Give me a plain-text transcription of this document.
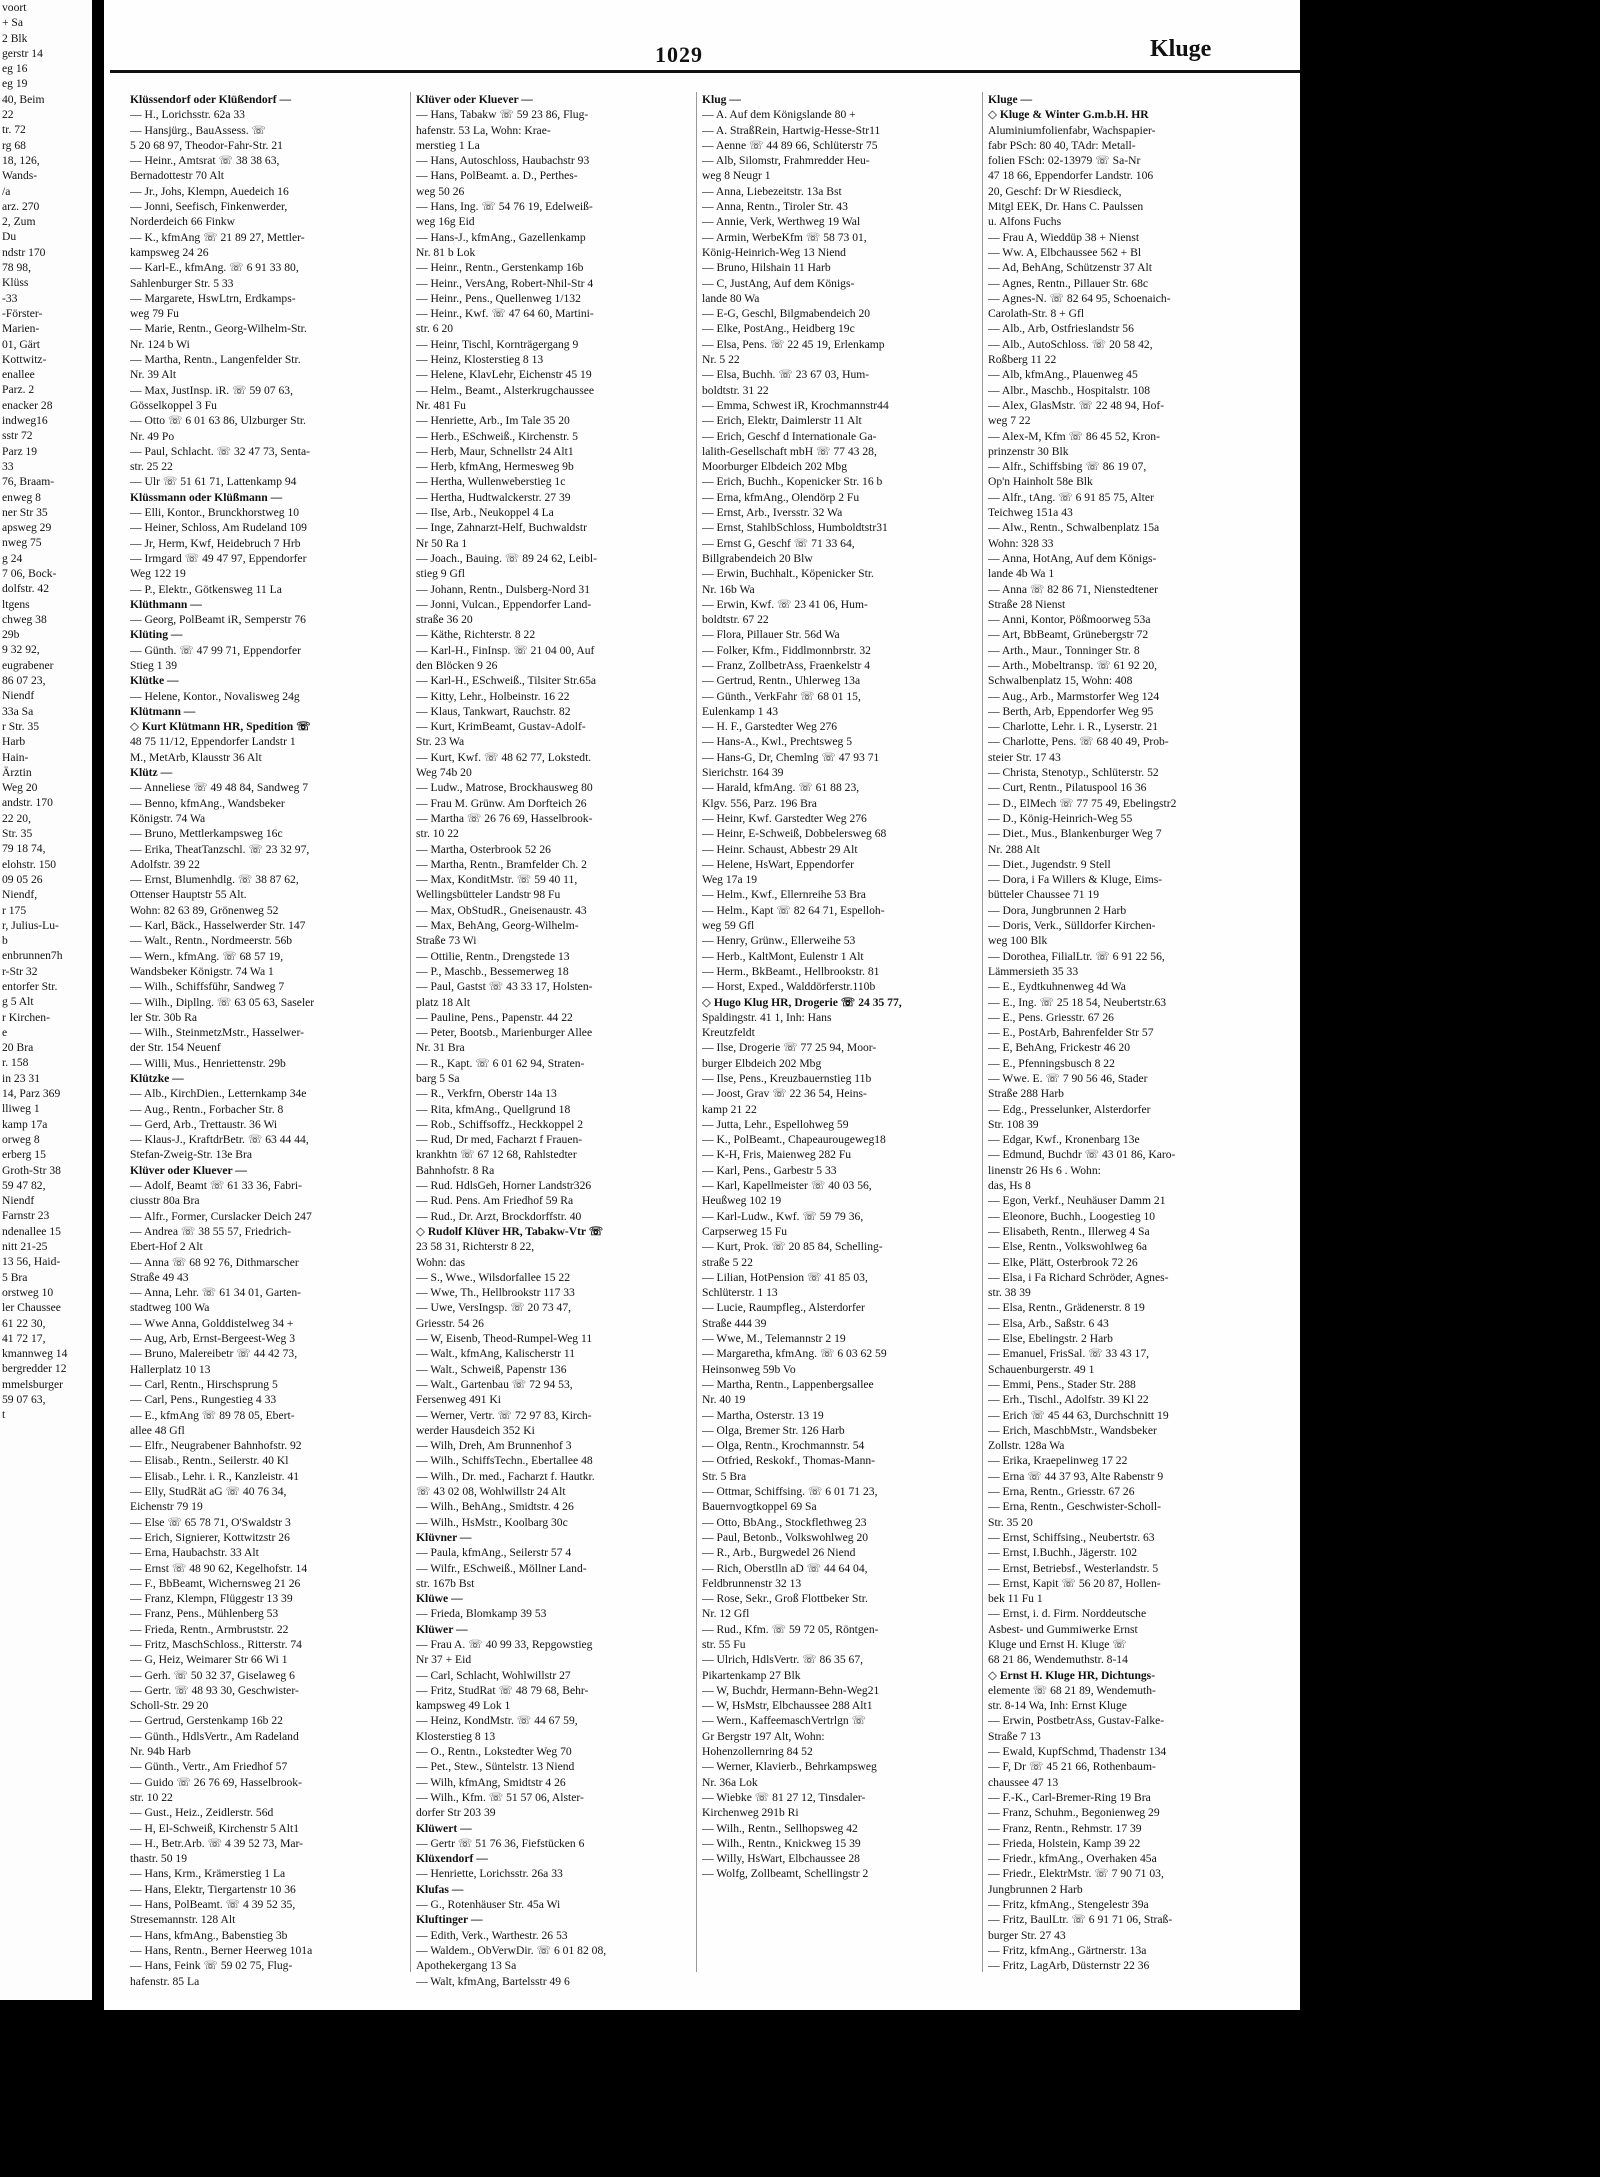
voort
+ Sa
2 Blk
gerstr 14
eg 16
eg 19
40, Beim
22
tr. 72
rg 68
18, 126,
Wands-
/a
arz. 270
2, Zum
Du
ndstr 170
78 98,
Klüss
-33
-Förster-
Marien-
01, Gärt
Kottwitz-
enallee
Parz. 2
enacker 28
indweg16
sstr 72
Parz 19
33
76, Braam-
enweg 8
ner Str 35
apsweg 29
nweg 75
g 24
7 06, Bock-
dolfstr. 42
ltgens
chweg 38
29b
9 32 92,
eugrabener
86 07 23,
Niendf
33a Sa
r Str. 35
Harb
Hain-
Ärztin
Weg 20
andstr. 170
22 20,
Str. 35
79 18 74,
elohstr. 150
09 05 26
Niendf,
r 175
r, Julius-Lu-
b
enbrunnen7h
r-Str 32
entorfer Str.
g 5 Alt
r Kirchen-
e
20 Bra
r. 158
in 23 31
14, Parz 369
lliweg 1
kamp 17a
orweg 8
erberg 15
Groth-Str 38
59 47 82,
Niendf
Farnstr 23
ndenallee 15
nitt 21-25
13 56, Haid-
5 Bra
orstweg 10
ler Chaussee
61 22 30,
41 72 17,
kmannweg 14
bergredder 12
mmelsburger
59 07 63,
t
1029	Kluge
Klüssendorf oder Klüßendorf —
— H., Lorichsstr. 62a 33
— Hansjürg., BauAssess. ☏
5 20 68 97, Theodor-Fahr-Str. 21
— Heinr., Amtsrat ☏ 38 38 63,
Bernadottestr 70 Alt
— Jr., Johs, Klempn, Auedeich 16
— Jonni, Seefisch, Finkenwerder,
Norderdeich 66 Finkw
— K., kfmAng ☏ 21 89 27, Mettler-
kampsweg 24 26
— Karl-E., kfmAng. ☏ 6 91 33 80,
Sahlenburger Str. 5 33
— Margarete, HswLtrn, Erdkamps-
weg 79 Fu
— Marie, Rentn., Georg-Wilhelm-Str.
Nr. 124 b Wi
— Martha, Rentn., Langenfelder Str.
Nr. 39 Alt
— Max, JustInsp. iR. ☏ 59 07 63,
Gösselkoppel 3 Fu
— Otto ☏ 6 01 63 86, Ulzburger Str.
Nr. 49 Po
— Paul, Schlacht. ☏ 32 47 73, Senta-
str. 25 22
— Ulr ☏ 51 61 71, Lattenkamp 94
Klüssmann oder Klüßmann —
— Elli, Kontor., Brunckhorstweg 10
— Heiner, Schloss, Am Rudeland 109
— Jr, Herm, Kwf, Heidebruch 7 Hrb
— Irmgard ☏ 49 47 97, Eppendorfer
Weg 122 19
— P., Elektr., Götkensweg 11 La
Klüthmann —
— Georg, PolBeamt iR, Semperstr 76
Klüting —
— Günth. ☏ 47 99 71, Eppendorfer
Stieg 1 39
Klütke —
— Helene, Kontor., Novalisweg 24g
Klütmann —
◇ Kurt Klütmann HR, Spedition ☏
48 75 11/12, Eppendorfer Landstr 1
M., MetArb, Klausstr 36 Alt
Klütz —
— Anneliese ☏ 49 48 84, Sandweg 7
— Benno, kfmAng., Wandsbeker
Königstr. 74 Wa
— Bruno, Mettlerkampsweg 16c
— Erika, TheatTanzschl. ☏ 23 32 97,
Adolfstr. 39 22
— Ernst, Blumenhdlg. ☏ 38 87 62,
Ottenser Hauptstr 55 Alt.
Wohn: 82 63 89, Grönenweg 52
— Karl, Bäck., Hasselwerder Str. 147
— Walt., Rentn., Nordmeerstr. 56b
— Wern., kfmAng. ☏ 68 57 19,
Wandsbeker Königstr. 74 Wa 1
— Wilh., Schiffsführ, Sandweg 7
— Wilh., Dipllng. ☏ 63 05 63, Saseler
ler Str. 30b Ra
— Wilh., SteinmetzMstr., Hasselwer-
der Str. 154 Neuenf
— Willi, Mus., Henriettenstr. 29b
Klützke —
— Alb., KirchDien., Letternkamp 34e
— Aug., Rentn., Forbacher Str. 8
— Gerd, Arb., Trettaustr. 36 Wi
— Klaus-J., KraftdrBetr. ☏ 63 44 44,
Stefan-Zweig-Str. 13e Bra
Klüver oder Kluever —
— Adolf, Beamt ☏ 61 33 36, Fabri-
ciusstr 80a Bra
— Alfr., Former, Curslacker Deich 247
— Andrea ☏ 38 55 57, Friedrich-
Ebert-Hof 2 Alt
— Anna ☏ 68 92 76, Dithmarscher
Straße 49 43
— Anna, Lehr. ☏ 61 34 01, Garten-
stadtweg 100 Wa
— Wwe Anna, Golddistelweg 34 +
— Aug, Arb, Ernst-Bergeest-Weg 3
— Bruno, Malereibetr ☏ 44 42 73,
Hallerplatz 10 13
— Carl, Rentn., Hirschsprung 5
— Carl, Pens., Rungestieg 4 33
— E., kfmAng ☏ 89 78 05, Ebert-
allee 48 Gfl
— Elfr., Neugrabener Bahnhofstr. 92
— Elisab., Rentn., Seilerstr. 40 Kl
— Elisab., Lehr. i. R., Kanzleistr. 41
— Elly, StudRät aG ☏ 40 76 34,
Eichenstr 79 19
— Else ☏ 65 78 71, O'Swaldstr 3
— Erich, Signierer, Kottwitzstr 26
— Erna, Haubachstr. 33 Alt
— Ernst ☏ 48 90 62, Kegelhofstr. 14
— F., BbBeamt, Wichernsweg 21 26
— Franz, Klempn, Flüggestr 13 39
— Franz, Pens., Mühlenberg 53
— Frieda, Rentn., Armbruststr. 22
— Fritz, MaschSchloss., Ritterstr. 74
— G, Heiz, Weimarer Str 66 Wi 1
— Gerh. ☏ 50 32 37, Giselaweg 6
— Gertr. ☏ 48 93 30, Geschwister-
Scholl-Str. 29 20
— Gertrud, Gerstenkamp 16b 22
— Günth., HdlsVertr., Am Radeland
Nr. 94b Harb
— Günth., Vertr., Am Friedhof 57
— Guido ☏ 26 76 69, Hasselbrook-
str. 10 22
— Gust., Heiz., Zeidlerstr. 56d
— H, El-Schweiß, Kirchenstr 5 Alt1
— H., Betr.Arb. ☏ 4 39 52 73, Mar-
thastr. 50 19
— Hans, Krm., Krämerstieg 1 La
— Hans, Elektr, Tiergartenstr 10 36
— Hans, PolBeamt. ☏ 4 39 52 35,
Stresemannstr. 128 Alt
— Hans, kfmAng., Babenstieg 3b
— Hans, Rentn., Berner Heerweg 101a
— Hans, Feink ☏ 59 02 75, Flug-
hafenstr. 85 La
Klüver oder Kluever —
— Hans, Tabakw ☏ 59 23 86, Flug-
hafenstr. 53 La, Wohn: Krae-
merstieg 1 La
— Hans, Autoschloss, Haubachstr 93
— Hans, PolBeamt. a. D., Perthes-
weg 50 26
— Hans, Ing. ☏ 54 76 19, Edelweiß-
weg 16g Eid
— Hans-J., kfmAng., Gazellenkamp
Nr. 81 b Lok
— Heinr., Rentn., Gerstenkamp 16b
— Heinr., VersAng, Robert-Nhil-Str 4
— Heinr., Pens., Quellenweg 1/132
— Heinr., Kwf. ☏ 47 64 60, Martini-
str. 6 20
— Heinr, Tischl, Kornträgergang 9
— Heinz, Klosterstieg 8 13
— Helene, KlavLehr, Eichenstr 45 19
— Helm., Beamt., Alsterkrugchaussee
Nr. 481 Fu
— Henriette, Arb., Im Tale 35 20
— Herb., ESchweiß., Kirchenstr. 5
— Herb, Maur, Schnellstr 24 Alt1
— Herb, kfmAng, Hermesweg 9b
— Hertha, Wullenweberstieg 1c
— Hertha, Hudtwalckerstr. 27 39
— Ilse, Arb., Neukoppel 4 La
— Inge, Zahnarzt-Helf, Buchwaldstr
Nr 50 Ra 1
— Joach., Bauing. ☏ 89 24 62, Leibl-
stieg 9 Gfl
— Johann, Rentn., Dulsberg-Nord 31
— Jonni, Vulcan., Eppendorfer Land-
straße 36 20
— Käthe, Richterstr. 8 22
— Karl-H., FinInsp. ☏ 21 04 00, Auf
den Blöcken 9 26
— Karl-H., ESchweiß., Tilsiter Str.65a
— Kitty, Lehr., Holbeinstr. 16 22
— Klaus, Tankwart, Rauchstr. 82
— Kurt, KrimBeamt, Gustav-Adolf-
Str. 23 Wa
— Kurt, Kwf. ☏ 48 62 77, Lokstedt.
Weg 74b 20
— Ludw., Matrose, Brockhausweg 80
— Frau M. Grünw. Am Dorfteich 26
— Martha ☏ 26 76 69, Hasselbrook-
str. 10 22
— Martha, Osterbrook 52 26
— Martha, Rentn., Bramfelder Ch. 2
— Max, KonditMstr. ☏ 59 40 11,
Wellingsbütteler Landstr 98 Fu
— Max, ObStudR., Gneisenaustr. 43
— Max, BehAng, Georg-Wilhelm-
Straße 73 Wi
— Ottilie, Rentn., Drengstede 13
— P., Maschb., Bessemerweg 18
— Paul, Gastst ☏ 43 33 17, Holsten-
platz 18 Alt
— Pauline, Pens., Papenstr. 44 22
— Peter, Bootsb., Marienburger Allee
Nr. 31 Bra
— R., Kapt. ☏ 6 01 62 94, Straten-
barg 5 Sa
— R., Verkfrn, Oberstr 14a 13
— Rita, kfmAng., Quellgrund 18
— Rob., Schiffsoffz., Heckkoppel 2
— Rud, Dr med, Facharzt f Frauen-
krankhtn ☏ 67 12 68, Rahlstedter
Bahnhofstr. 8 Ra
— Rud. HdlsGeh, Horner Landstr326
— Rud. Pens. Am Friedhof 59 Ra
— Rud., Dr. Arzt, Brockdorffstr. 40
◇ Rudolf Klüver HR, Tabakw-Vtr ☏
23 58 31, Richterstr 8 22,
Wohn: das
— S., Wwe., Wilsdorfallee 15 22
— Wwe, Th., Hellbrookstr 117 33
— Uwe, VersIngsp. ☏ 20 73 47,
Griesstr. 54 26
— W, Eisenb, Theod-Rumpel-Weg 11
— Walt., kfmAng, Kalischerstr 11
— Walt., Schweiß, Papenstr 136
— Walt., Gartenbau ☏ 72 94 53,
Fersenweg 491 Ki
— Werner, Vertr. ☏ 72 97 83, Kirch-
werder Hausdeich 352 Ki
— Wilh, Dreh, Am Brunnenhof 3
— Wilh., SchiffsTechn., Ebertallee 48
— Wilh., Dr. med., Facharzt f. Hautkr.
☏ 43 02 08, Wohlwillstr 24 Alt
— Wilh., BehAng., Smidtstr. 4 26
— Wilh., HsMstr., Koolbarg 30c
Klüvner —
— Paula, kfmAng., Seilerstr 57 4
— Wilfr., ESchweiß., Möllner Land-
str. 167b Bst
Klüwe —
— Frieda, Blomkamp 39 53
Klüwer —
— Frau A. ☏ 40 99 33, Repgowstieg
Nr 37 + Eid
— Carl, Schlacht, Wohlwillstr 27
— Fritz, StudRat ☏ 48 79 68, Behr-
kampsweg 49 Lok 1
— Heinz, KondMstr. ☏ 44 67 59,
Klosterstieg 8 13
— O., Rentn., Lokstedter Weg 70
— Pet., Stew., Süntelstr. 13 Niend
— Wilh, kfmAng, Smidtstr 4 26
— Wilh., Kfm. ☏ 51 57 06, Alster-
dorfer Str 203 39
Klüwert —
— Gertr ☏ 51 76 36, Fiefstücken 6
Klüxendorf —
— Henriette, Lorichsstr. 26a 33
Klufas —
— G., Rotenhäuser Str. 45a Wi
Kluftinger —
— Edith, Verk., Warthestr. 26 53
— Waldem., ObVerwDir. ☏ 6 01 82 08,
Apothekergang 13 Sa
— Walt, kfmAng, Bartelsstr 49 6
Klug —
— A. Auf dem Königslande 80 +
— A. StraßRein, Hartwig-Hesse-Str11
— Aenne ☏ 44 89 66, Schlüterstr 75
— Alb, Silomstr, Frahmredder Heu-
weg 8 Neugr 1
— Anna, Liebezeitstr. 13a Bst
— Anna, Rentn., Tiroler Str. 43
— Annie, Verk, Werthweg 19 Wal
— Armin, WerbeKfm ☏ 58 73 01,
König-Heinrich-Weg 13 Niend
— Bruno, Hilshain 11 Harb
— C, JustAng, Auf dem Königs-
lande 80 Wa
— E-G, Geschl, Bilgmabendeich 20
— Elke, PostAng., Heidberg 19c
— Elsa, Pens. ☏ 22 45 19, Erlenkamp
Nr. 5 22
— Elsa, Buchh. ☏ 23 67 03, Hum-
boldtstr. 31 22
— Emma, Schwest iR, Krochmannstr44
— Erich, Elektr, Daimlerstr 11 Alt
— Erich, Geschf d Internationale Ga-
lalith-Gesellschaft mbH ☏ 77 43 28,
Moorburger Elbdeich 202 Mbg
— Erich, Buchh., Kopenicker Str. 16 b
— Erna, kfmAng., Olendörp 2 Fu
— Ernst, Arb., Iversstr. 32 Wa
— Ernst, StahlbSchloss, Humboldtstr31
— Ernst G, Geschf ☏ 71 33 64,
Billgrabendeich 20 Blw
— Erwin, Buchhalt., Köpenicker Str.
Nr. 16b Wa
— Erwin, Kwf. ☏ 23 41 06, Hum-
boldtstr. 67 22
— Flora, Pillauer Str. 56d Wa
— Folker, Kfm., Fiddlmonnbrstr. 32
— Franz, ZollbetrAss, Fraenkelstr 4
— Gertrud, Rentn., Uhlerweg 13a
— Günth., VerkFahr ☏ 68 01 15,
Eulenkamp 1 43
— H. F., Garstedter Weg 276
— Hans-A., Kwl., Prechtsweg 5
— Hans-G, Dr, Chemlng ☏ 47 93 71
Sierichstr. 164 39
— Harald, kfmAng. ☏ 61 88 23,
Klgv. 556, Parz. 196 Bra
— Heinr, Kwf. Garstedter Weg 276
— Heinr, E-Schweiß, Dobbelersweg 68
— Heinr. Schaust, Abbestr 29 Alt
— Helene, HsWart, Eppendorfer
Weg 17a 19
— Helm., Kwf., Ellernreihe 53 Bra
— Helm., Kapt ☏ 82 64 71, Espelloh-
weg 59 Gfl
— Henry, Grünw., Ellerweihe 53
— Herb., KaltMont, Eulenstr 1 Alt
— Herm., BkBeamt., Hellbrookstr. 81
— Horst, Exped., Walddörferstr.110b
◇ Hugo Klug HR, Drogerie ☏ 24 35 77,
Spaldingstr. 41 1, Inh: Hans
Kreutzfeldt
— Ilse, Drogerie ☏ 77 25 94, Moor-
burger Elbdeich 202 Mbg
— Ilse, Pens., Kreuzbauernstieg 11b
— Joost, Grav ☏ 22 36 54, Heins-
kamp 21 22
— Jutta, Lehr., Espellohweg 59
— K., PolBeamt., Chapeaurougeweg18
— K-H, Fris, Maienweg 282 Fu
— Karl, Pens., Garbestr 5 33
— Karl, Kapellmeister ☏ 40 03 56,
Heußweg 102 19
— Karl-Ludw., Kwf. ☏ 59 79 36,
Carpserweg 15 Fu
— Kurt, Prok. ☏ 20 85 84, Schelling-
straße 5 22
— Lilian, HotPension ☏ 41 85 03,
Schlüterstr. 1 13
— Lucie, Raumpfleg., Alsterdorfer
Straße 444 39
— Wwe, M., Telemannstr 2 19
— Margaretha, kfmAng. ☏ 6 03 62 59
Heinsonweg 59b Vo
— Martha, Rentn., Lappenbergsallee
Nr. 40 19
— Martha, Osterstr. 13 19
— Olga, Bremer Str. 126 Harb
— Olga, Rentn., Krochmannstr. 54
— Otfried, Reskokf., Thomas-Mann-
Str. 5 Bra
— Ottmar, Schiffsing. ☏ 6 01 71 23,
Bauernvogtkoppel 69 Sa
— Otto, BbAng., Stockflethweg 23
— Paul, Betonb., Volkswohlweg 20
— R., Arb., Burgwedel 26 Niend
— Rich, Oberstlln aD ☏ 44 64 04,
Feldbrunnenstr 32 13
— Rose, Sekr., Groß Flottbeker Str.
Nr. 12 Gfl
— Rud., Kfm. ☏ 59 72 05, Röntgen-
str. 55 Fu
— Ulrich, HdlsVertr. ☏ 86 35 67,
Pikartenkamp 27 Blk
— W, Buchdr, Hermann-Behn-Weg21
— W, HsMstr, Elbchaussee 288 Alt1
— Wern., KaffeemaschVertrlgn ☏
Gr Bergstr 197 Alt, Wohn:
Hohenzollernring 84 52
— Werner, Klavierb., Behrkampsweg
Nr. 36a Lok
— Wiebke ☏ 81 27 12, Tinsdaler-
Kirchenweg 291b Ri
— Wilh., Rentn., Sellhopsweg 42
— Wilh., Rentn., Knickweg 15 39
— Willy, HsWart, Elbchaussee 28
— Wolfg, Zollbeamt, Schellingstr 2
Kluge —
◇ Kluge & Winter G.m.b.H. HR
Aluminiumfolienfabr, Wachspapier-
fabr PSch: 80 40, TAdr: Metall-
folien FSch: 02-13979 ☏ Sa-Nr
47 18 66, Eppendorfer Landstr. 106
20, Geschf: Dr W Riesdieck,
Mitgl EEK, Dr. Hans C. Paulssen
u. Alfons Fuchs
— Frau A, Wieddüp 38 + Nienst
— Ww. A, Elbchaussee 562 + Bl
— Ad, BehAng, Schützenstr 37 Alt
— Agnes, Rentn., Pillauer Str. 68c
— Agnes-N. ☏ 82 64 95, Schoenaich-
Carolath-Str. 8 + Gfl
— Alb., Arb, Ostfrieslandstr 56
— Alb., AutoSchloss. ☏ 20 58 42,
Roßberg 11 22
— Alb, kfmAng., Plauenweg 45
— Albr., Maschb., Hospitalstr. 108
— Alex, GlasMstr. ☏ 22 48 94, Hof-
weg 7 22
— Alex-M, Kfm ☏ 86 45 52, Kron-
prinzenstr 30 Blk
— Alfr., Schiffsbing ☏ 86 19 07,
Op'n Hainholt 58e Blk
— Alfr., tAng. ☏ 6 91 85 75, Alter
Teichweg 151a 43
— Alw., Rentn., Schwalbenplatz 15a
Wohn: 328 33
— Anna, HotAng, Auf dem Königs-
lande 4b Wa 1
— Anna ☏ 82 86 71, Nienstedtener
Straße 28 Nienst
— Anni, Kontor, Pößmoorweg 53a
— Art, BbBeamt, Grünebergstr 72
— Arth., Maur., Tonninger Str. 8
— Arth., Mobeltransp. ☏ 61 92 20,
Schwalbenplatz 15, Wohn: 408
— Aug., Arb., Marmstorfer Weg 124
— Berth, Arb, Eppendorfer Weg 95
— Charlotte, Lehr. i. R., Lyserstr. 21
— Charlotte, Pens. ☏ 68 40 49, Prob-
steier Str. 17 43
— Christa, Stenotyp., Schlüterstr. 52
— Curt, Rentn., Pilatuspool 16 36
— D., ElMech ☏ 77 75 49, Ebelingstr2
— D., König-Heinrich-Weg 55
— Diet., Mus., Blankenburger Weg 7
Nr. 288 Alt
— Diet., Jugendstr. 9 Stell
— Dora, i Fa Willers & Kluge, Eims-
bütteler Chaussee 71 19
— Dora, Jungbrunnen 2 Harb
— Doris, Verk., Sülldorfer Kirchen-
weg 100 Blk
— Dorothea, FilialLtr. ☏ 6 91 22 56,
Lämmersieth 35 33
— E., Eydtkuhnenweg 4d Wa
— E., Ing. ☏ 25 18 54, Neubertstr.63
— E., Pens. Griesstr. 67 26
— E., PostArb, Bahrenfelder Str 57
— E, BehAng, Frickestr 46 20
— E., Pfenningsbusch 8 22
— Wwe. E. ☏ 7 90 56 46, Stader
Straße 288 Harb
— Edg., Presselunker, Alsterdorfer
Str. 108 39
— Edgar, Kwf., Kronenbarg 13e
— Edmund, Buchdr ☏ 43 01 86, Karo-
linenstr 26 Hs 6 . Wohn:
das, Hs 8
— Egon, Verkf., Neuhäuser Damm 21
— Eleonore, Buchh., Loogestieg 10
— Elisabeth, Rentn., Illerweg 4 Sa
— Else, Rentn., Volkswohlweg 6a
— Elke, Plätt, Osterbrook 72 26
— Elsa, i Fa Richard Schröder, Agnes-
str. 38 39
— Elsa, Rentn., Grädenerstr. 8 19
— Elsa, Arb., Saßstr. 6 43
— Else, Ebelingstr. 2 Harb
— Emanuel, FrisSal. ☏ 33 43 17,
Schauenburgerstr. 49 1
— Emmi, Pens., Stader Str. 288
— Erh., Tischl., Adolfstr. 39 Kl 22
— Erich ☏ 45 44 63, Durchschnitt 19
— Erich, MaschbMstr., Wandsbeker
Zollstr. 128a Wa
— Erika, Kraepelinweg 17 22
— Erna ☏ 44 37 93, Alte Rabenstr 9
— Erna, Rentn., Griesstr. 67 26
— Erna, Rentn., Geschwister-Scholl-
Str. 35 20
— Ernst, Schiffsing., Neubertstr. 63
— Ernst, I.Buchh., Jägerstr. 102
— Ernst, Betriebsf., Westerlandstr. 5
— Ernst, Kapit ☏ 56 20 87, Hollen-
bek 11 Fu 1
— Ernst, i. d. Firm. Norddeutsche
Asbest- und Gummiwerke Ernst
Kluge und Ernst H. Kluge ☏
68 21 86, Wendemuthstr. 8-14
◇ Ernst H. Kluge HR, Dichtungs-
elemente ☏ 68 21 89, Wendemuth-
str. 8-14 Wa, Inh: Ernst Kluge
— Erwin, PostbetrAss, Gustav-Falke-
Straße 7 13
— Ewald, KupfSchmd, Thadenstr 134
— F, Dr ☏ 45 21 66, Rothenbaum-
chaussee 47 13
— F.-K., Carl-Bremer-Ring 19 Bra
— Franz, Schuhm., Begonienweg 29
— Franz, Rentn., Rehmstr. 17 39
— Frieda, Holstein, Kamp 39 22
— Friedr., kfmAng., Overhaken 45a
— Friedr., ElektrMstr. ☏ 7 90 71 03,
Jungbrunnen 2 Harb
— Fritz, kfmAng., Stengelestr 39a
— Fritz, BaulLtr. ☏ 6 91 71 06, Straß-
burger Str. 27 43
— Fritz, kfmAng., Gärtnerstr. 13a
— Fritz, LagArb, Düsternstr 22 36
